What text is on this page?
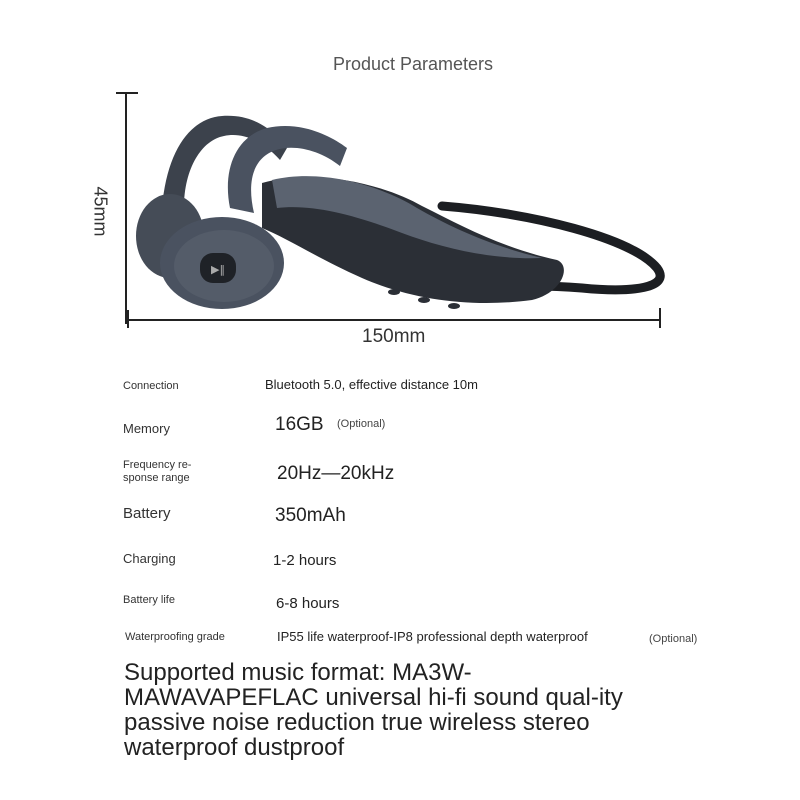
Product Parameters
▶‖
150mm
45mm
Connection	Bluetooth 5.0, effective distance 10m
Memory	16GB (Optional)
Frequency re-
sponse range	20Hz—20kHz
Battery	350mAh
Charging	1-2 hours
Battery life	6-8 hours
Waterproofing grade	IP55 life waterproof-IP8 professional depth waterproof	(Optional)
Supported music format: MA3W-MAWAVAPEFLAC universal hi-fi sound qual-ity passive noise reduction true wireless stereo waterproof dustproof
